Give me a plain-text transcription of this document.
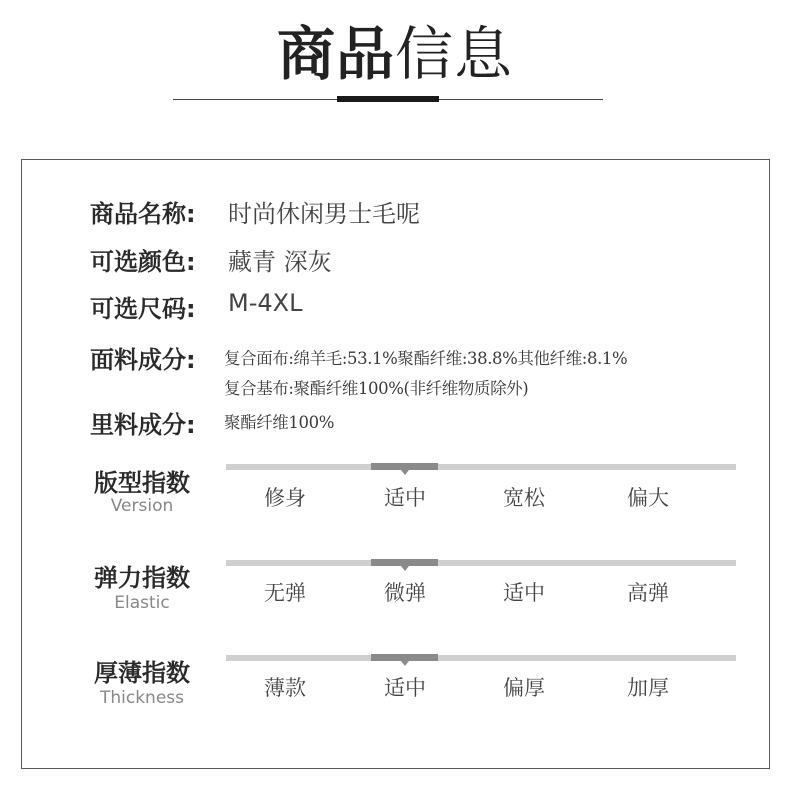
商品信息
商品名称: 时尚休闲男士毛呢
可选颜色: 藏青 深灰
可选尺码: M-4XL
面料成分: 复合面布:绵羊毛:53.1%聚酯纤维:38.8%其他纤维:8.1%
复合基布:聚酯纤维100%(非纤维物质除外)
里料成分: 聚酯纤维100%
版型指数
Version	修身	适中	宽松	偏大
弹力指数
Elastic	无弹	微弹	适中	高弹
厚薄指数
Thickness	薄款	适中	偏厚	加厚
